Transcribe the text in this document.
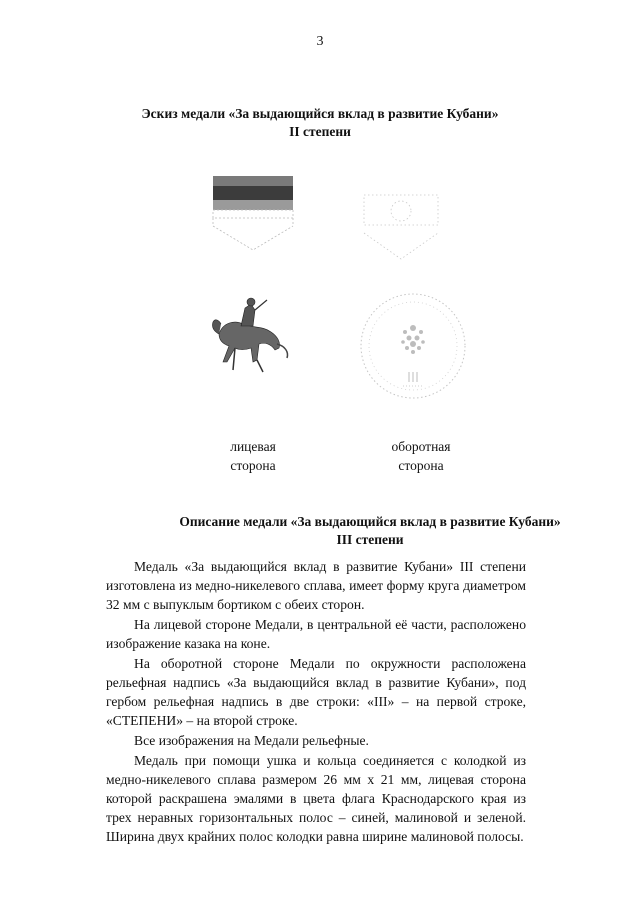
3
Эскиз медали «За выдающийся вклад в развитие Кубани»
II степени
лицевая
сторона
оборотная
сторона
Описание медали «За выдающийся вклад в развитие Кубани»
III степени

Медаль «За выдающийся вклад в развитие Кубани» III степени изготовлена из медно-никелевого сплава, имеет форму круга диаметром 32 мм с выпуклым бортиком с обеих сторон.

На лицевой стороне Медали, в центральной её части, расположено изображение казака на коне.

На оборотной стороне Медали по окружности расположена рельефная надпись «За выдающийся вклад в развитие Кубани», под гербом рельефная надпись в две строки: «III» – на первой строке, «СТЕПЕНИ» – на второй строке.

Все изображения на Медали рельефные.

Медаль при помощи ушка и кольца соединяется с колодкой из медно-никелевого сплава размером 26 мм х 21 мм, лицевая сторона которой раскрашена эмалями в цвета флага Краснодарского края из трех неравных горизонтальных полос – синей, малиновой и зеленой. Ширина двух крайних полос колодки равна ширине малиновой полосы.
